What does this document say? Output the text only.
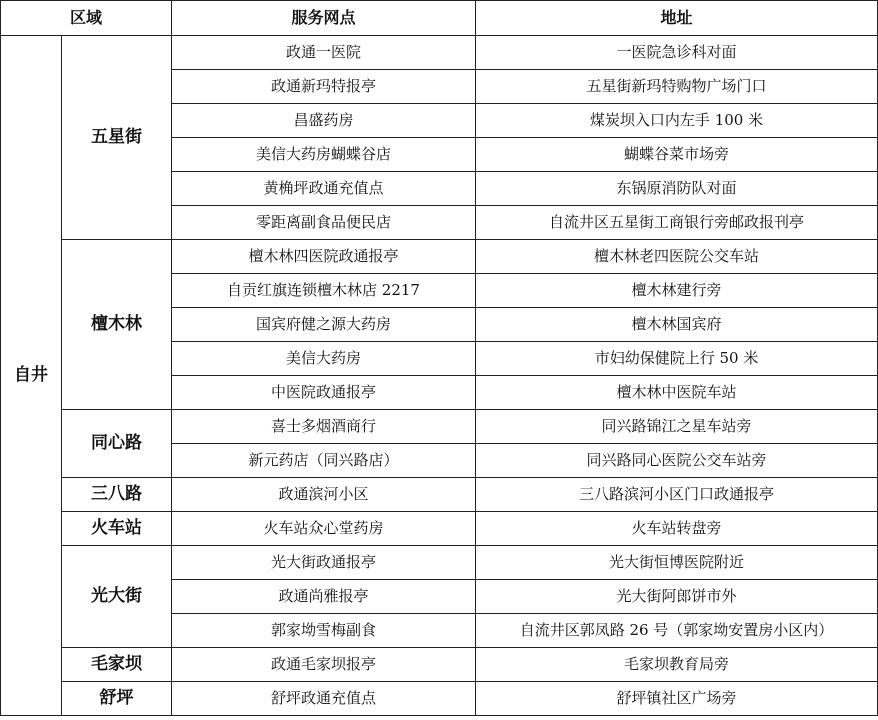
区域		服务网点	地址
自井	五星街	政通一医院	一医院急诊科对面
		政通新玛特报亭	五星街新玛特购物广场门口
		昌盛药房	煤炭坝入口内左手 100 米
		美信大药房蝴蝶谷店	蝴蝶谷菜市场旁
		黄桷坪政通充值点	东锅原消防队对面
		零距离副食品便民店	自流井区五星街工商银行旁邮政报刊亭
	檀木林	檀木林四医院政通报亭	檀木林老四医院公交车站
		自贡红旗连锁檀木林店 2217	檀木林建行旁
		国宾府健之源大药房	檀木林国宾府
		美信大药房	市妇幼保健院上行 50 米
		中医院政通报亭	檀木林中医院车站
	同心路	喜士多烟酒商行	同兴路锦江之星车站旁
		新元药店（同兴路店）	同兴路同心医院公交车站旁
	三八路	政通滨河小区	三八路滨河小区门口政通报亭
	火车站	火车站众心堂药房	火车站转盘旁
	光大街	光大街政通报亭	光大街恒博医院附近
		政通尚雅报亭	光大街阿郎饼市外
		郭家坳雪梅副食	自流井区郭凤路 26 号（郭家坳安置房小区内）
	毛家坝	政通毛家坝报亭	毛家坝教育局旁
	舒坪	舒坪政通充值点	舒坪镇社区广场旁
